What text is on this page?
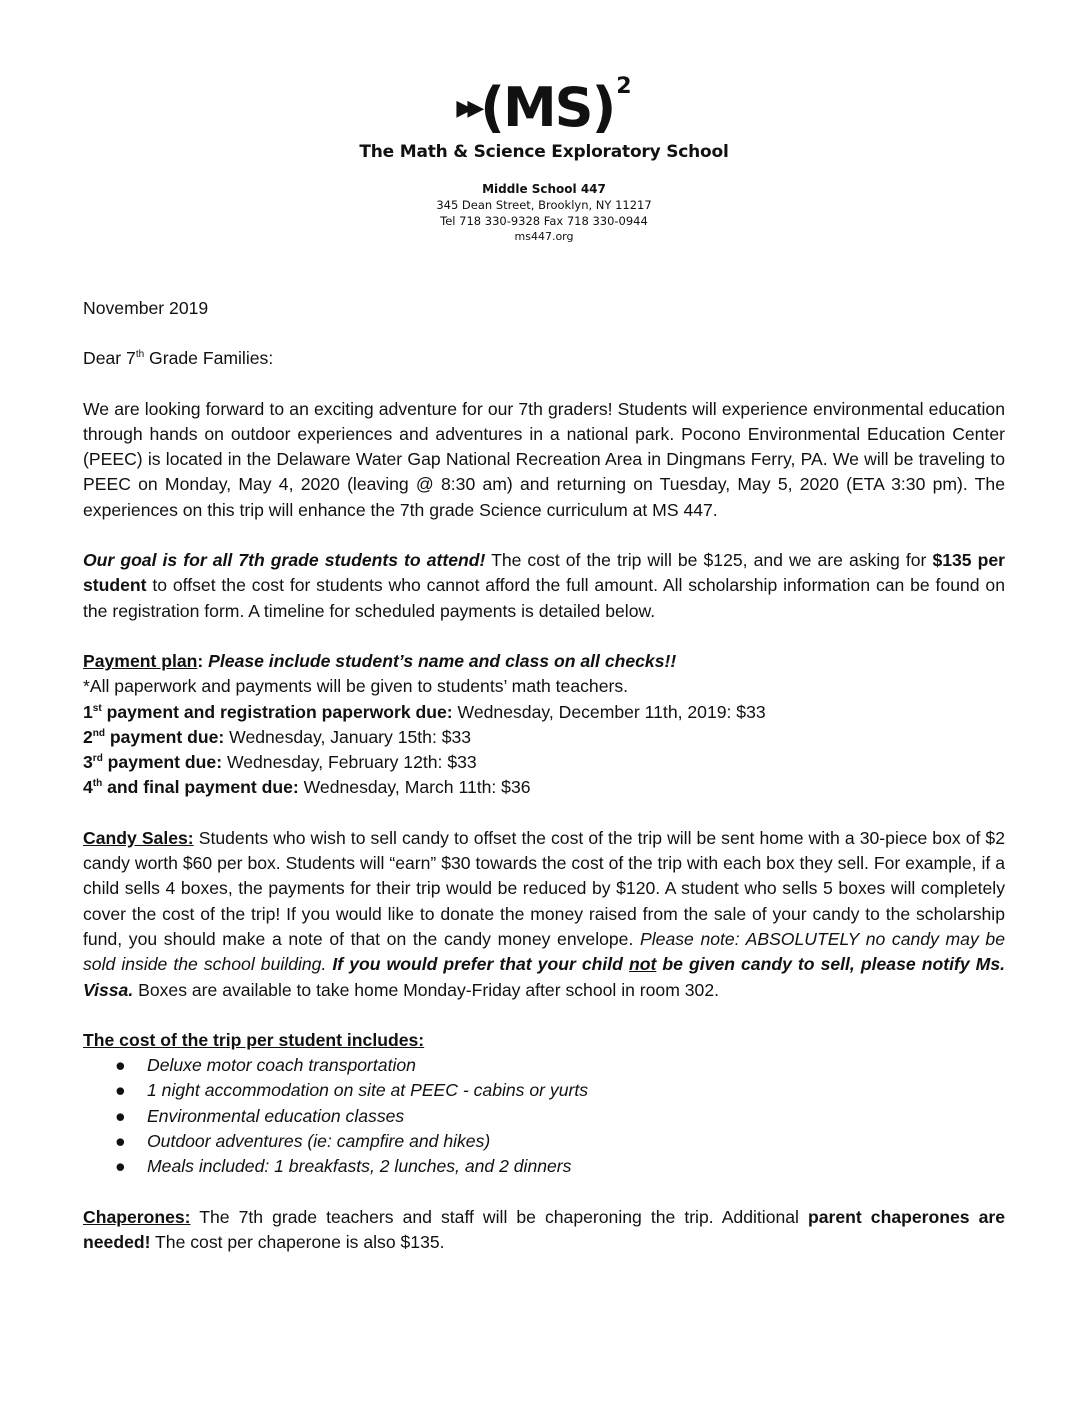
▶▶ (MS) 2
The Math & Science Exploratory School
Middle School 447
345 Dean Street, Brooklyn, NY 11217
Tel 718 330-9328 Fax 718 330-0944
ms447.org

November 2019

Dear 7th Grade Families:

We are looking forward to an exciting adventure for our 7th graders! Students will experience environmental education through hands on outdoor experiences and adventures in a national park. Pocono Environmental Education Center (PEEC) is located in the Delaware Water Gap National Recreation Area in Dingmans Ferry, PA. We will be traveling to PEEC on Monday, May 4, 2020 (leaving @ 8:30 am) and returning on Tuesday, May 5, 2020 (ETA 3:30 pm). The experiences on this trip will enhance the 7th grade Science curriculum at MS 447.

Our goal is for all 7th grade students to attend! The cost of the trip will be $125, and we are asking for $135 per student to offset the cost for students who cannot afford the full amount. All scholarship information can be found on the registration form. A timeline for scheduled payments is detailed below.

Payment plan: Please include student’s name and class on all checks!!

*All paperwork and payments will be given to students’ math teachers.

1st payment and registration paperwork due: Wednesday, December 11th, 2019: $33

2nd payment due: Wednesday, January 15th: $33

3rd payment due: Wednesday, February 12th: $33

4th and final payment due: Wednesday, March 11th: $36

Candy Sales: Students who wish to sell candy to offset the cost of the trip will be sent home with a 30-piece box of $2 candy worth $60 per box. Students will “earn” $30 towards the cost of the trip with each box they sell. For example, if a child sells 4 boxes, the payments for their trip would be reduced by $120. A student who sells 5 boxes will completely cover the cost of the trip! If you would like to donate the money raised from the sale of your candy to the scholarship fund, you should make a note of that on the candy money envelope. Please note: ABSOLUTELY no candy may be sold inside the school building. If you would prefer that your child not be given candy to sell, please notify Ms. Vissa. Boxes are available to take home Monday-Friday after school in room 302.

The cost of the trip per student includes:

● Deluxe motor coach transportation
● 1 night accommodation on site at PEEC - cabins or yurts
● Environmental education classes
● Outdoor adventures (ie: campfire and hikes)
● Meals included: 1 breakfasts, 2 lunches, and 2 dinners

Chaperones: The 7th grade teachers and staff will be chaperoning the trip. Additional parent chaperones are needed! The cost per chaperone is also $135.
